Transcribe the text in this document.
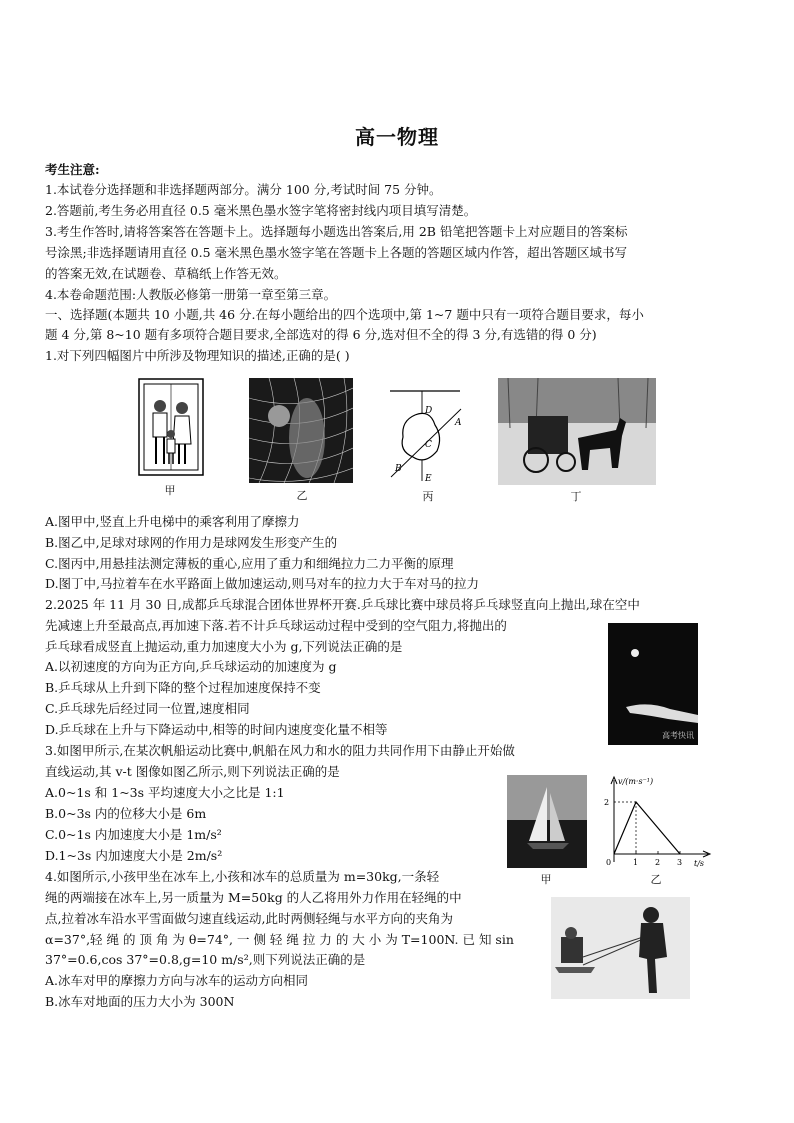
高一物理
考生注意:
1.本试卷分选择题和非选择题两部分。满分 100 分,考试时间 75 分钟。
2.答题前,考生务必用直径 0.5 毫米黑色墨水签字笔将密封线内项目填写清楚。
3.考生作答时,请将答案答在答题卡上。选择题每小题选出答案后,用 2B 铅笔把答题卡上对应题目的答案标
号涂黑;非选择题请用直径 0.5 毫米黑色墨水签字笔在答题卡上各题的答题区域内作答，超出答题区域书写
的答案无效,在试题卷、草稿纸上作答无效。
4.本卷命题范围:人教版必修第一册第一章至第三章。
一、选择题(本题共 10 小题,共 46 分.在每小题给出的四个选项中,第 1~7 题中只有一项符合题目要求，每小
题 4 分,第 8~10 题有多项符合题目要求,全部选对的得 6 分,选对但不全的得 3 分,有选错的得 0 分)
1.对下列四幅图片中所涉及物理知识的描述,正确的是( )
甲	乙
D
A
C
B
E
丙	丁
A.图甲中,竖直上升电梯中的乘客利用了摩擦力
B.图乙中,足球对球网的作用力是球网发生形变产生的
C.图丙中,用悬挂法测定薄板的重心,应用了重力和细绳拉力二力平衡的原理
D.图丁中,马拉着车在水平路面上做加速运动,则马对车的拉力大于车对马的拉力
2.2025 年 11 月 30 日,成都乒乓球混合团体世界杯开赛.乒乓球比赛中球员将乒乓球竖直向上抛出,球在空中
先减速上升至最高点,再加速下落.若不计乒乓球运动过程中受到的空气阻力,将抛出的
乒乓球看成竖直上抛运动,重力加速度大小为 g,下列说法正确的是
A.以初速度的方向为正方向,乒乓球运动的加速度为 g
B.乒乓球从上升到下降的整个过程加速度保持不变
C.乒乓球先后经过同一位置,速度相同
D.乒乓球在上升与下降运动中,相等的时间内速度变化量不相等	高考快讯
3.如图甲所示,在某次帆船运动比赛中,帆船在风力和水的阻力共同作用下由静止开始做
直线运动,其 v-t 图像如图乙所示,则下列说法正确的是
A.0~1s 和 1~3s 平均速度大小之比是 1:1
B.0~3s 内的位移大小是 6m
C.0~1s 内加速度大小是 1m/s²
D.1~3s 内加速度大小是 2m/s²
甲
v/(m·s⁻¹)
t/s
0	1 2 3
2
乙
4.如图所示,小孩甲坐在冰车上,小孩和冰车的总质量为 m=30kg,一条轻
绳的两端接在冰车上,另一质量为 M=50kg 的人乙将用外力作用在轻绳的中
点,拉着冰车沿水平雪面做匀速直线运动,此时两侧轻绳与水平方向的夹角为
α=37°,轻 绳 的 顶 角 为 θ=74°, 一 侧 轻 绳 拉 力 的 大 小 为 T=100N. 已 知 sin
37°=0.6,cos 37°=0.8,g=10 m/s²,则下列说法正确的是
A.冰车对甲的摩擦力方向与冰车的运动方向相同
B.冰车对地面的压力大小为 300N
